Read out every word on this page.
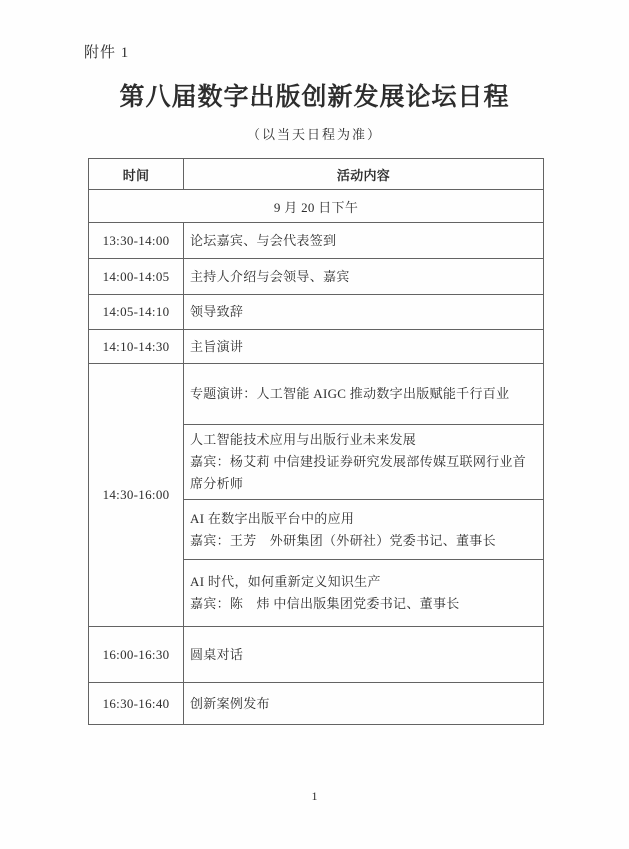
附件 1
第八届数字出版创新发展论坛日程
（以当天日程为准）
时间	活动内容
9 月 20 日下午	
13:30-14:00	论坛嘉宾、与会代表签到
14:00-14:05	主持人介绍与会领导、嘉宾
14:05-14:10	领导致辞
14:10-14:30	主旨演讲
14:30-16:00	专题演讲：人工智能 AIGC 推动数字出版赋能千行百业

	人工智能技术应用与出版行业未来发展
嘉宾：杨艾莉 中信建投证券研究发展部传媒互联网行业首席分析师

	AI 在数字出版平台中的应用
嘉宾：王芳　外研集团（外研社）党委书记、董事长

	AI 时代，如何重新定义知识生产
嘉宾：陈　炜 中信出版集团党委书记、董事长

16:00-16:30	圆桌对话
16:30-16:40	创新案例发布
1
